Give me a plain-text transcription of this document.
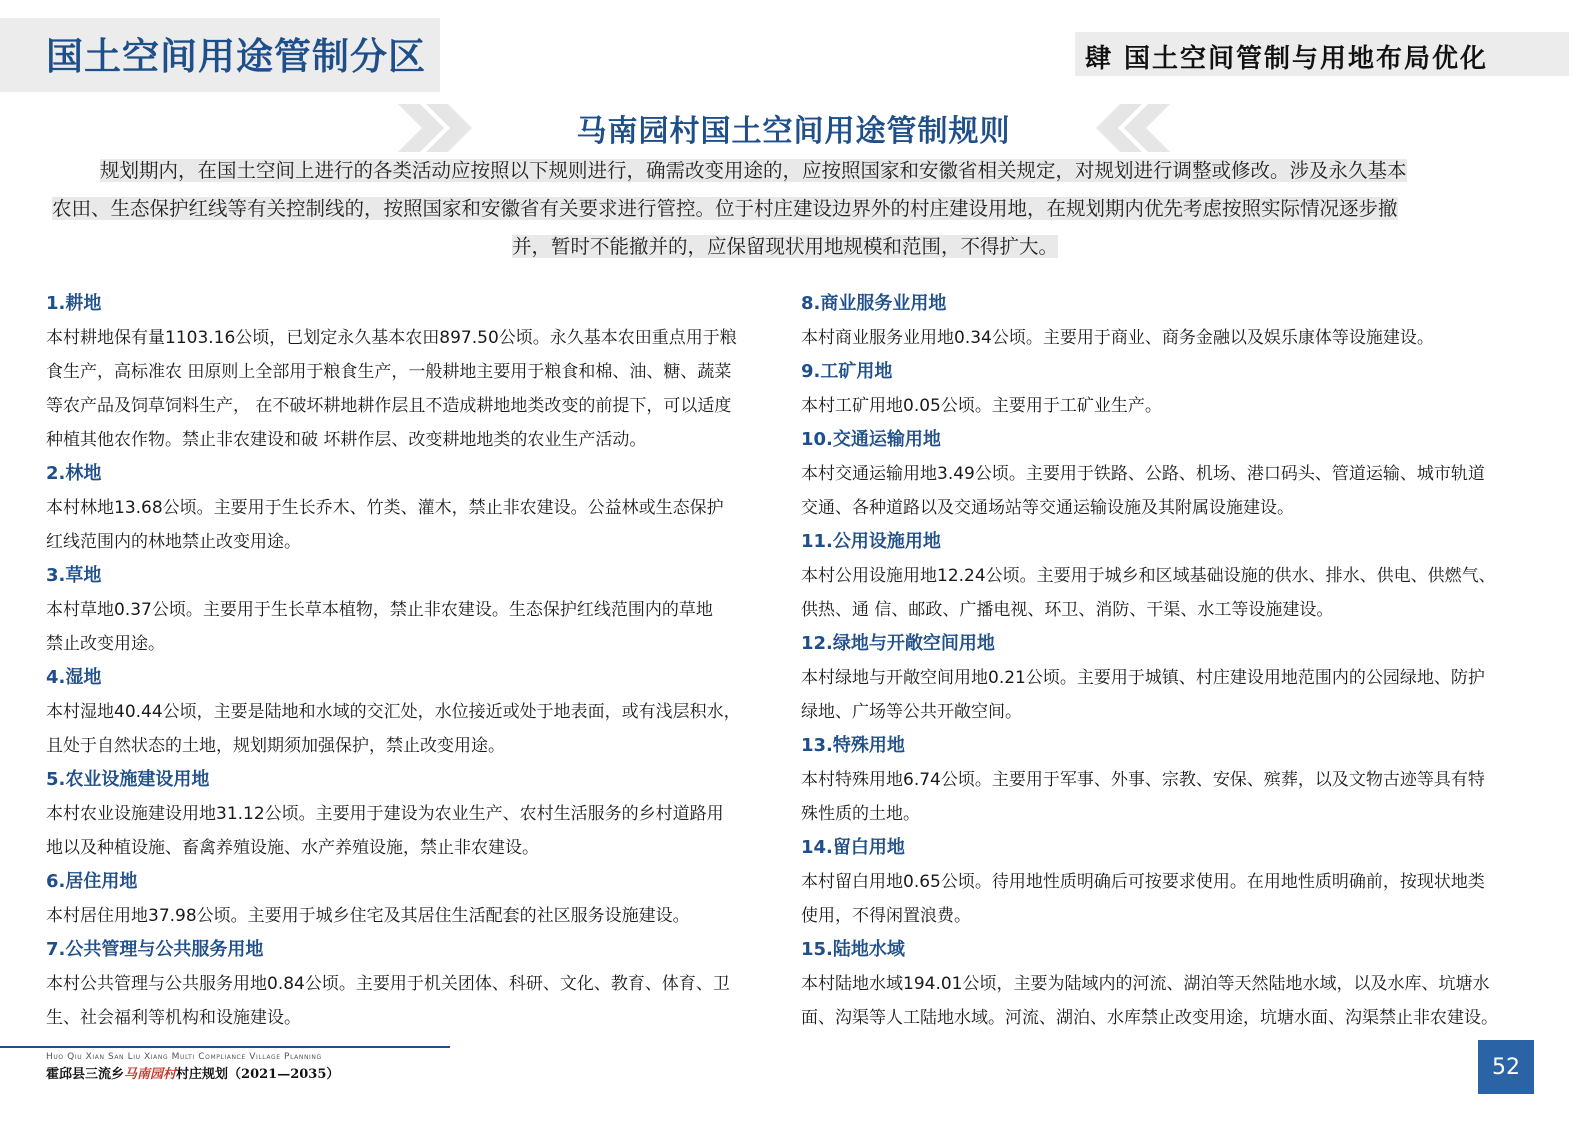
国土空间用途管制分区	肆 国土空间管制与用地布局优化
马南园村国土空间用途管制规则

规划期内，在国土空间上进行的各类活动应按照以下规则进行，确需改变用途的，应按照国家和安徽省相关规定，对规划进行调整或修改。涉及永久基本

农田、生态保护红线等有关控制线的，按照国家和安徽省有关要求进行管控。位于村庄建设边界外的村庄建设用地，在规划期内优先考虑按照实际情况逐步撤

并，暂时不能撤并的，应保留现状用地规模和范围，不得扩大。

1.耕地

本村耕地保有量1103.16公顷，已划定永久基本农田897.50公顷。永久基本农田重点用于粮

食生产，高标准农 田原则上全部用于粮食生产，一般耕地主要用于粮食和棉、油、糖、蔬菜

等农产品及饲草饲料生产， 在不破坏耕地耕作层且不造成耕地地类改变的前提下，可以适度

种植其他农作物。禁止非农建设和破 坏耕作层、改变耕地地类的农业生产活动。

2.林地

本村林地13.68公顷。主要用于生长乔木、竹类、灌木，禁止非农建设。公益林或生态保护

红线范围内的林地禁止改变用途。

3.草地

本村草地0.37公顷。主要用于生长草本植物，禁止非农建设。生态保护红线范围内的草地

禁止改变用途。

4.湿地

本村湿地40.44公顷，主要是陆地和水域的交汇处，水位接近或处于地表面，或有浅层积水，

且处于自然状态的土地，规划期须加强保护，禁止改变用途。

5.农业设施建设用地

本村农业设施建设用地31.12公顷。主要用于建设为农业生产、农村生活服务的乡村道路用

地以及种植设施、畜禽养殖设施、水产养殖设施，禁止非农建设。

6.居住用地

本村居住用地37.98公顷。主要用于城乡住宅及其居住生活配套的社区服务设施建设。

7.公共管理与公共服务用地

本村公共管理与公共服务用地0.84公顷。主要用于机关团体、科研、文化、教育、体育、卫

生、社会福利等机构和设施建设。

8.商业服务业用地

本村商业服务业用地0.34公顷。主要用于商业、商务金融以及娱乐康体等设施建设。

9.工矿用地

本村工矿用地0.05公顷。主要用于工矿业生产。

10.交通运输用地

本村交通运输用地3.49公顷。主要用于铁路、公路、机场、港口码头、管道运输、城市轨道

交通、各种道路以及交通场站等交通运输设施及其附属设施建设。

11.公用设施用地

本村公用设施用地12.24公顷。主要用于城乡和区域基础设施的供水、排水、供电、供燃气、

供热、通 信、邮政、广播电视、环卫、消防、干渠、水工等设施建设。

12.绿地与开敞空间用地

本村绿地与开敞空间用地0.21公顷。主要用于城镇、村庄建设用地范围内的公园绿地、防护

绿地、广场等公共开敞空间。

13.特殊用地

本村特殊用地6.74公顷。主要用于军事、外事、宗教、安保、殡葬，以及文物古迹等具有特

殊性质的土地。

14.留白用地

本村留白用地0.65公顷。待用地性质明确后可按要求使用。在用地性质明确前，按现状地类

使用，不得闲置浪费。

15.陆地水域

本村陆地水域194.01公顷，主要为陆域内的河流、湖泊等天然陆地水域，以及水库、坑塘水

面、沟渠等人工陆地水域。河流、湖泊、水库禁止改变用途，坑塘水面、沟渠禁止非农建设。

Huo Qiu Xian San Liu Xiang Multi Compliance Village Planning
霍邱县三流乡马南园村村庄规划（2021—2035）	52
